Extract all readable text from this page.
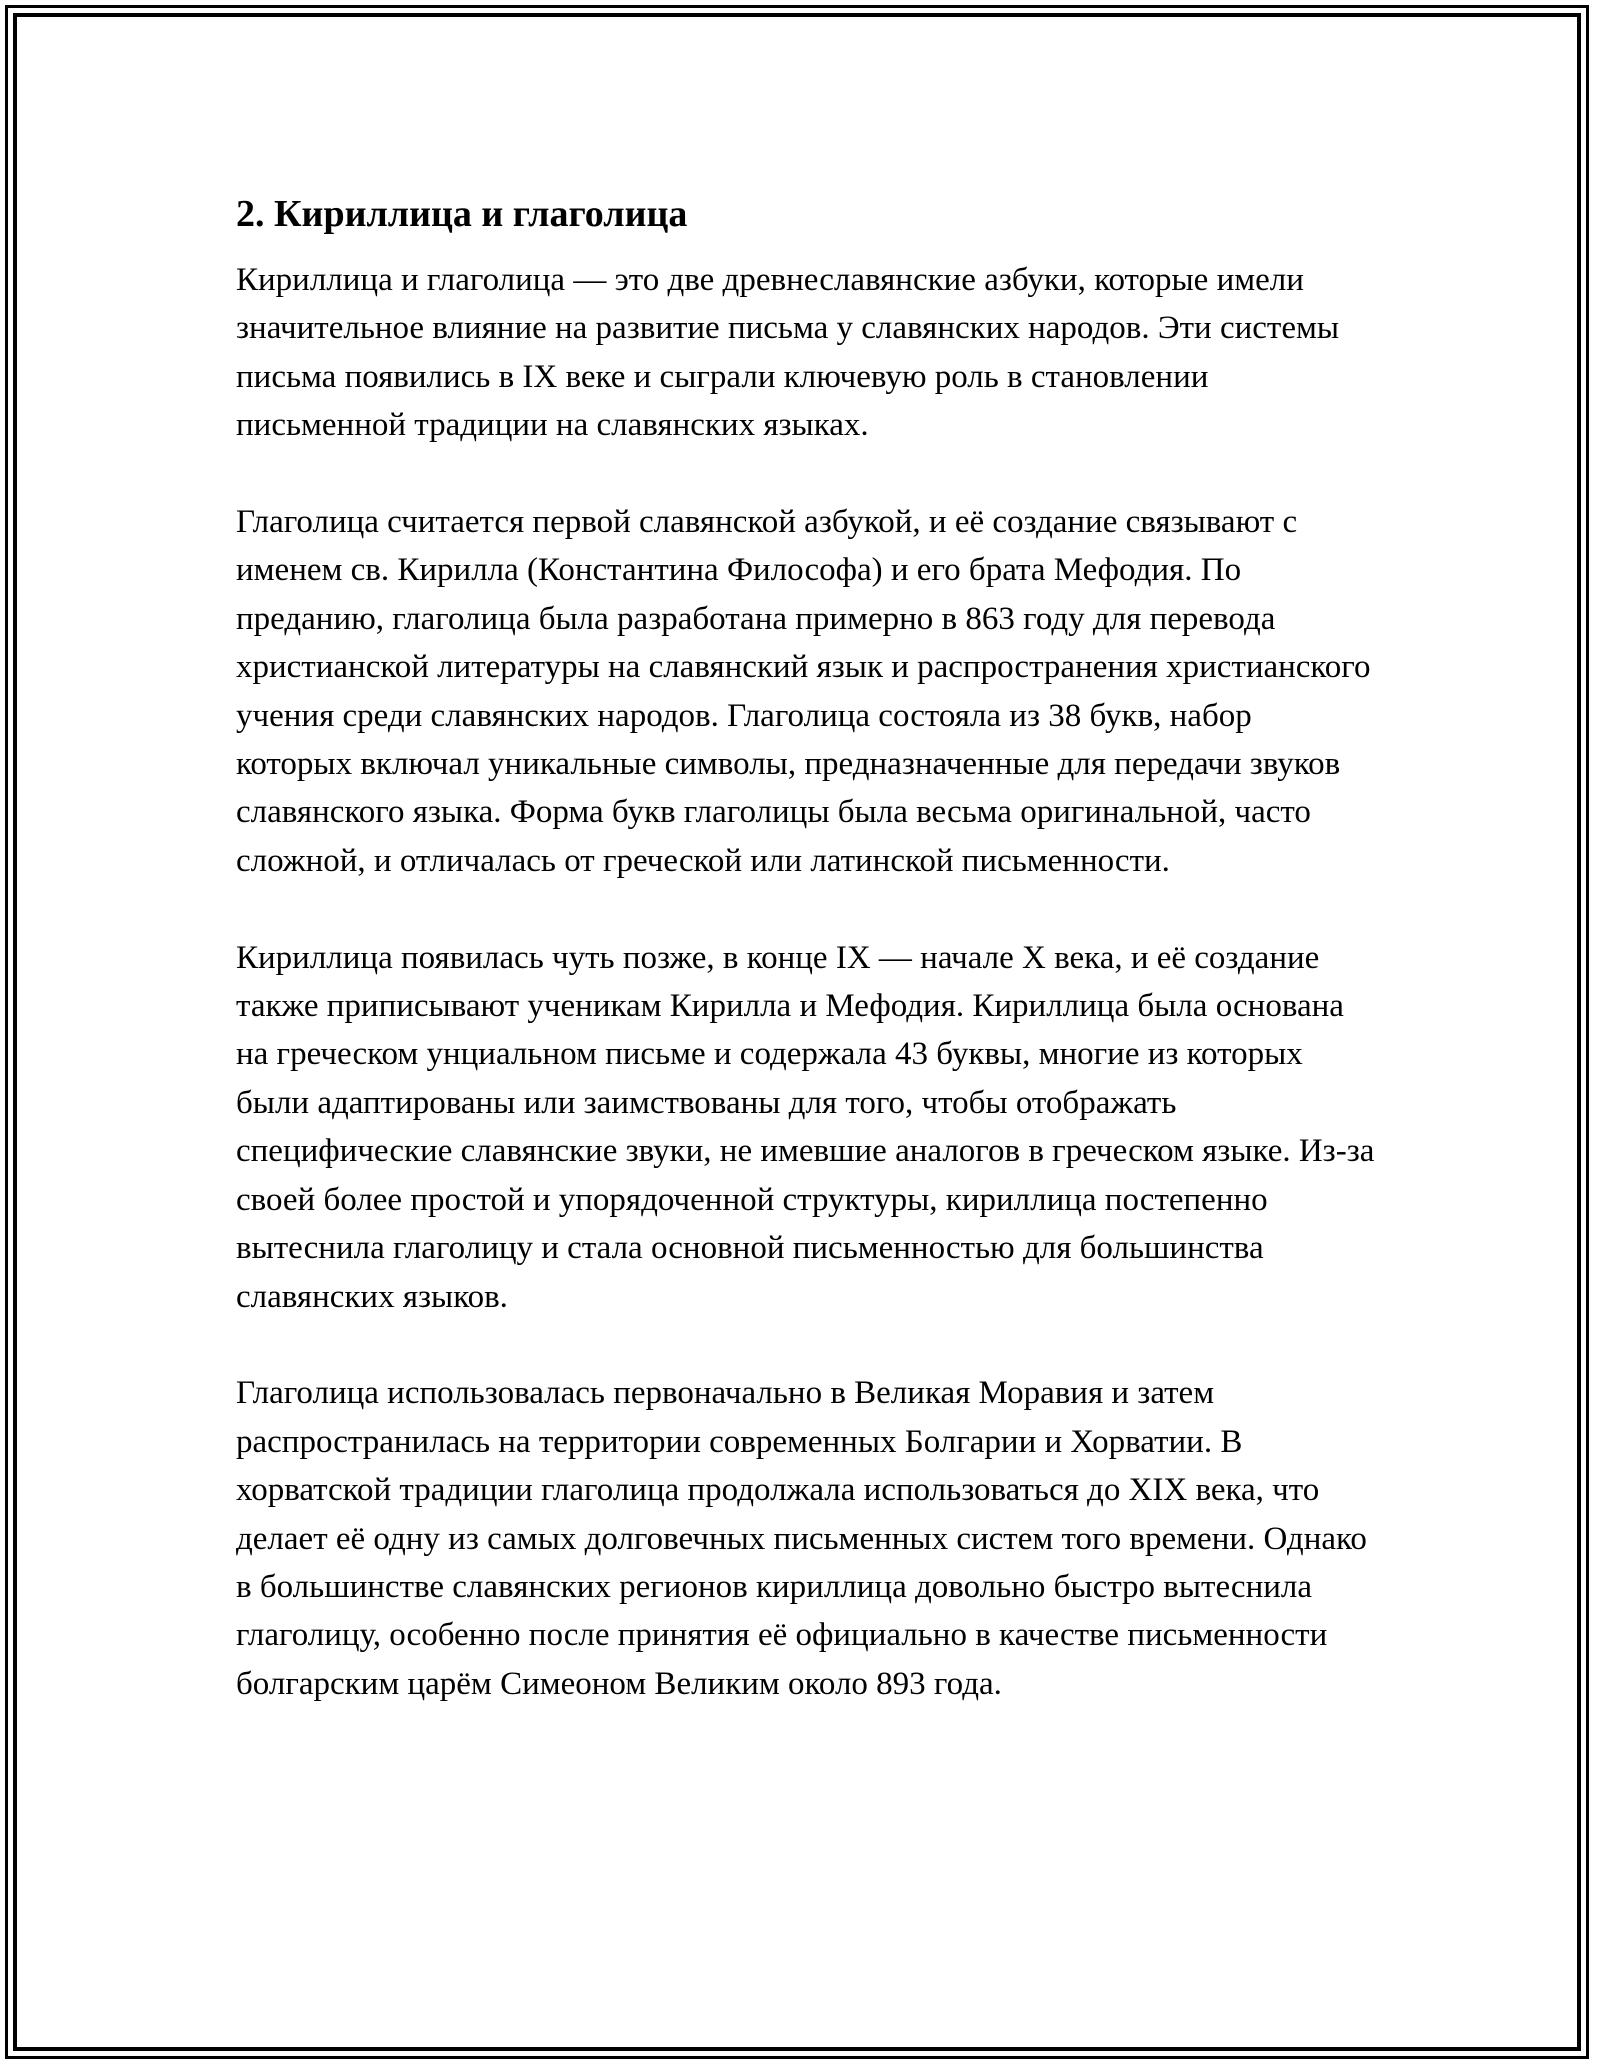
2. Кириллица и глаголица

Кириллица и глаголица — это две древнеславянские азбуки, которые имели значительное влияние на развитие письма у славянских народов. Эти системы письма появились в IX веке и сыграли ключевую роль в становлении письменной традиции на славянских языках.

Глаголица считается первой славянской азбукой, и её создание связывают с именем св. Кирилла (Константина Философа) и его брата Мефодия. По преданию, глаголица была разработана примерно в 863 году для перевода христианской литературы на славянский язык и распространения христианского учения среди славянских народов. Глаголица состояла из 38 букв, набор которых включал уникальные символы, предназначенные для передачи звуков славянского языка. Форма букв глаголицы была весьма оригинальной, часто сложной, и отличалась от греческой или латинской письменности.

Кириллица появилась чуть позже, в конце IX — начале X века, и её создание также приписывают ученикам Кирилла и Мефодия. Кириллица была основана на греческом унциальном письме и содержала 43 буквы, многие из которых были адаптированы или заимствованы для того, чтобы отображать специфические славянские звуки, не имевшие аналогов в греческом языке. Из-за своей более простой и упорядоченной структуры, кириллица постепенно вытеснила глаголицу и стала основной письменностью для большинства славянских языков.

Глаголица использовалась первоначально в Великая Моравия и затем распространилась на территории современных Болгарии и Хорватии. В хорватской традиции глаголица продолжала использоваться до XIX века, что делает её одну из самых долговечных письменных систем того времени. Однако в большинстве славянских регионов кириллица довольно быстро вытеснила глаголицу, особенно после принятия её официально в качестве письменности болгарским царём Симеоном Великим около 893 года.
